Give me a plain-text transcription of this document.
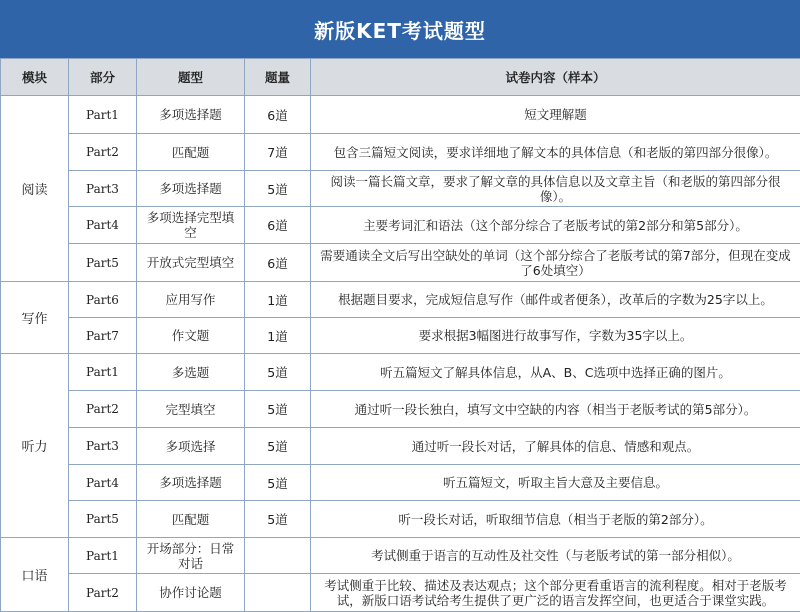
新版KET考试题型
模块	部分	题型	题量	试卷内容（样本）
阅读	Part1	多项选择题	6道	短文理解题
	Part2	匹配题	7道	包含三篇短文阅读，要求详细地了解文本的具体信息（和老版的第四部分很像）。
	Part3	多项选择题	5道	阅读一篇长篇文章，要求了解文章的具体信息以及文章主旨（和老版的第四部分很像）。
	Part4	多项选择完型填空	6道	主要考词汇和语法（这个部分综合了老版考试的第2部分和第5部分）。
	Part5	开放式完型填空	6道	需要通读全文后写出空缺处的单词（这个部分综合了老版考试的第7部分，但现在变成了6处填空）
写作	Part6	应用写作	1道	根据题目要求，完成短信息写作（邮件或者便条），改革后的字数为25字以上。
	Part7	作文题	1道	要求根据3幅图进行故事写作，字数为35字以上。
听力	Part1	多选题	5道	听五篇短文了解具体信息，从A、B、C选项中选择正确的图片。
	Part2	完型填空	5道	通过听一段长独白，填写文中空缺的内容（相当于老版考试的第5部分）。
	Part3	多项选择	5道	通过听一段长对话，了解具体的信息、情感和观点。
	Part4	多项选择题	5道	听五篇短文，听取主旨大意及主要信息。
	Part5	匹配题	5道	听一段长对话，听取细节信息（相当于老版的第2部分）。
口语	Part1	开场部分：日常对话		考试侧重于语言的互动性及社交性（与老版考试的第一部分相似）。
	Part2	协作讨论题		考试侧重于比较、描述及表达观点；这个部分更看重语言的流利程度。相对于老版考试，新版口语考试给考生提供了更广泛的语言发挥空间，也更适合于课堂实践。
